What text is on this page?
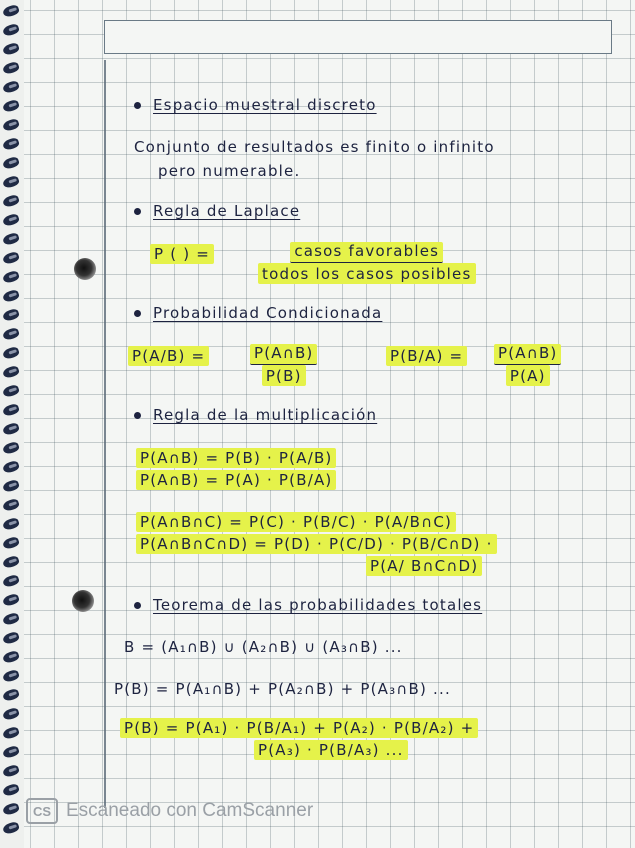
Espacio muestral discreto
Conjunto de resultados es finito o infinito
pero numerable.
Regla de Laplace
P ( ) =	casos favorables
todos los casos posibles
Probabilidad Condicionada
P(A/B) =	$\frac{P(A\cap B)}{P(B)}$	$P(B/A) = \frac{P(A\cap B)}{P(A)}$
Regla de la multiplicación
P(A∩B) = P(B) · P(A/B)
P(A∩B) = P(A) · P(B/A)
P(A∩B∩C) = P(C) · P(B/C) · P(A/B∩C)
P(A∩B∩C∩D) = P(D) · P(C/D) · P(B/C∩D) ·
P(A/ B∩C∩D)
Teorema de las probabilidades totales
B = (A₁∩B) ∪ (A₂∩B) ∪ (A₃∩B) ...
P(B) = P(A₁∩B) + P(A₂∩B) + P(A₃∩B) ...
P(B) = P(A₁) · P(B/A₁) + P(A₂) · P(B/A₂) +
P(A₃) · P(B/A₃) ...
CS Escaneado con CamScanner
